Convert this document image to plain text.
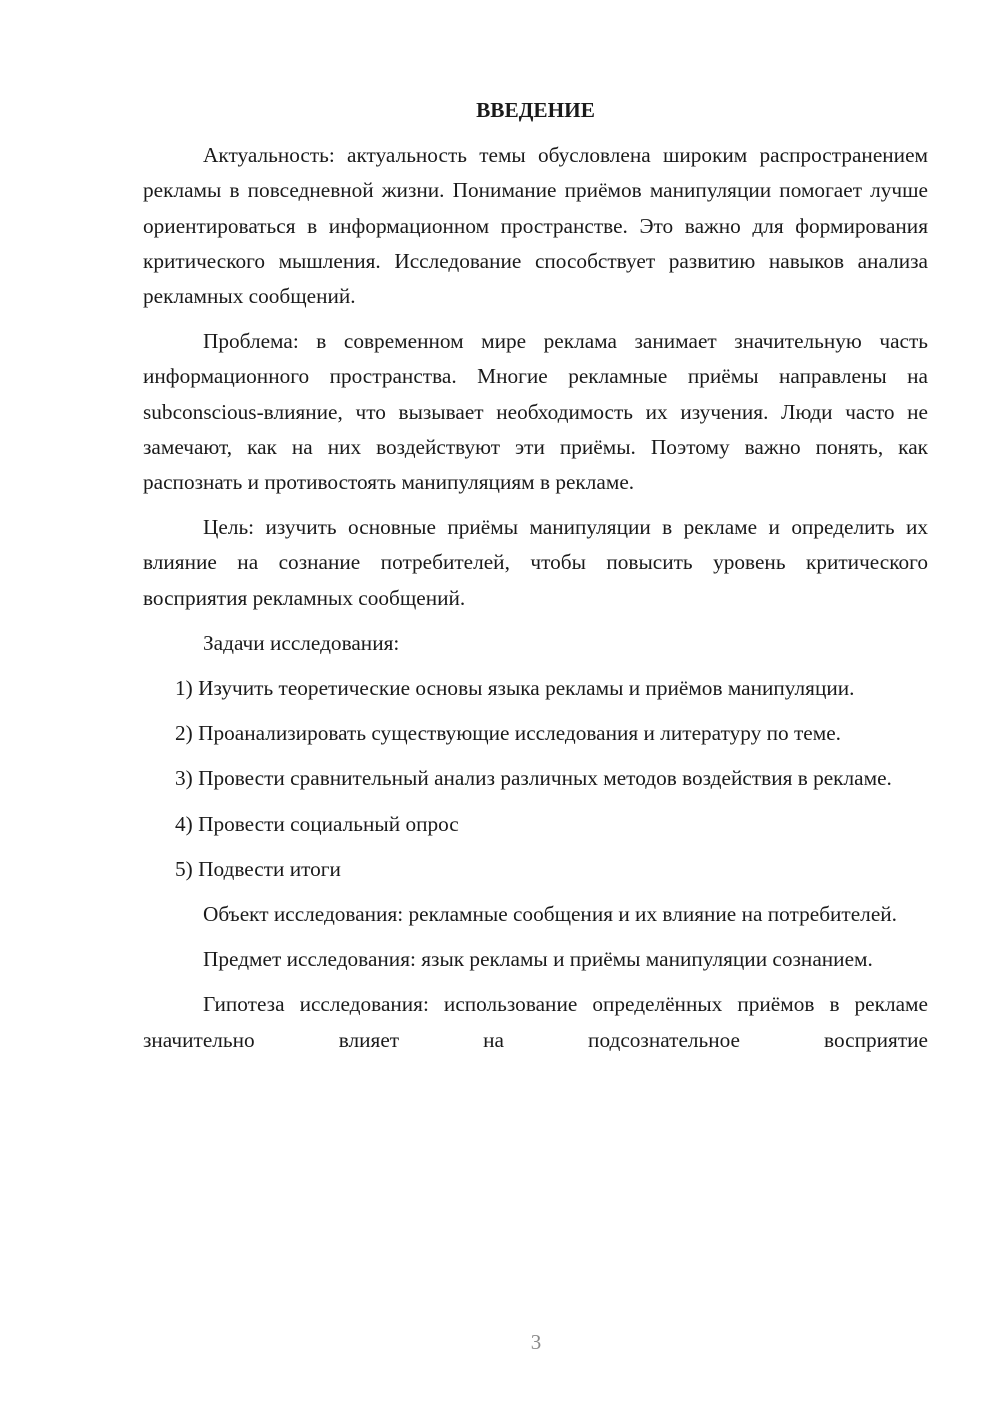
ВВЕДЕНИЕ

Актуальность: актуальность темы обусловлена широким распространением рекламы в повседневной жизни. Понимание приёмов манипуляции помогает лучше ориентироваться в информационном пространстве. Это важно для формирования критического мышления. Исследование способствует развитию навыков анализа рекламных сообщений.

Проблема: в современном мире реклама занимает значительную часть информационного пространства. Многие рекламные приёмы направлены на subconscious-влияние, что вызывает необходимость их изучения. Люди часто не замечают, как на них воздействуют эти приёмы. Поэтому важно понять, как распознать и противостоять манипуляциям в рекламе.

Цель: изучить основные приёмы манипуляции в рекламе и определить их влияние на сознание потребителей, чтобы повысить уровень критического восприятия рекламных сообщений.

Задачи исследования:

1) Изучить теоретические основы языка рекламы и приёмов манипуляции.

2) Проанализировать существующие исследования и литературу по теме.

3) Провести сравнительный анализ различных методов воздействия в рекламе.

4) Провести социальный опрос

5) Подвести итоги

Объект исследования: рекламные сообщения и их влияние на потребителей.

Предмет исследования: язык рекламы и приёмы манипуляции сознанием.

Гипотеза исследования: использование определённых приёмов в рекламе значительно влияет на подсознательное восприятие

3
